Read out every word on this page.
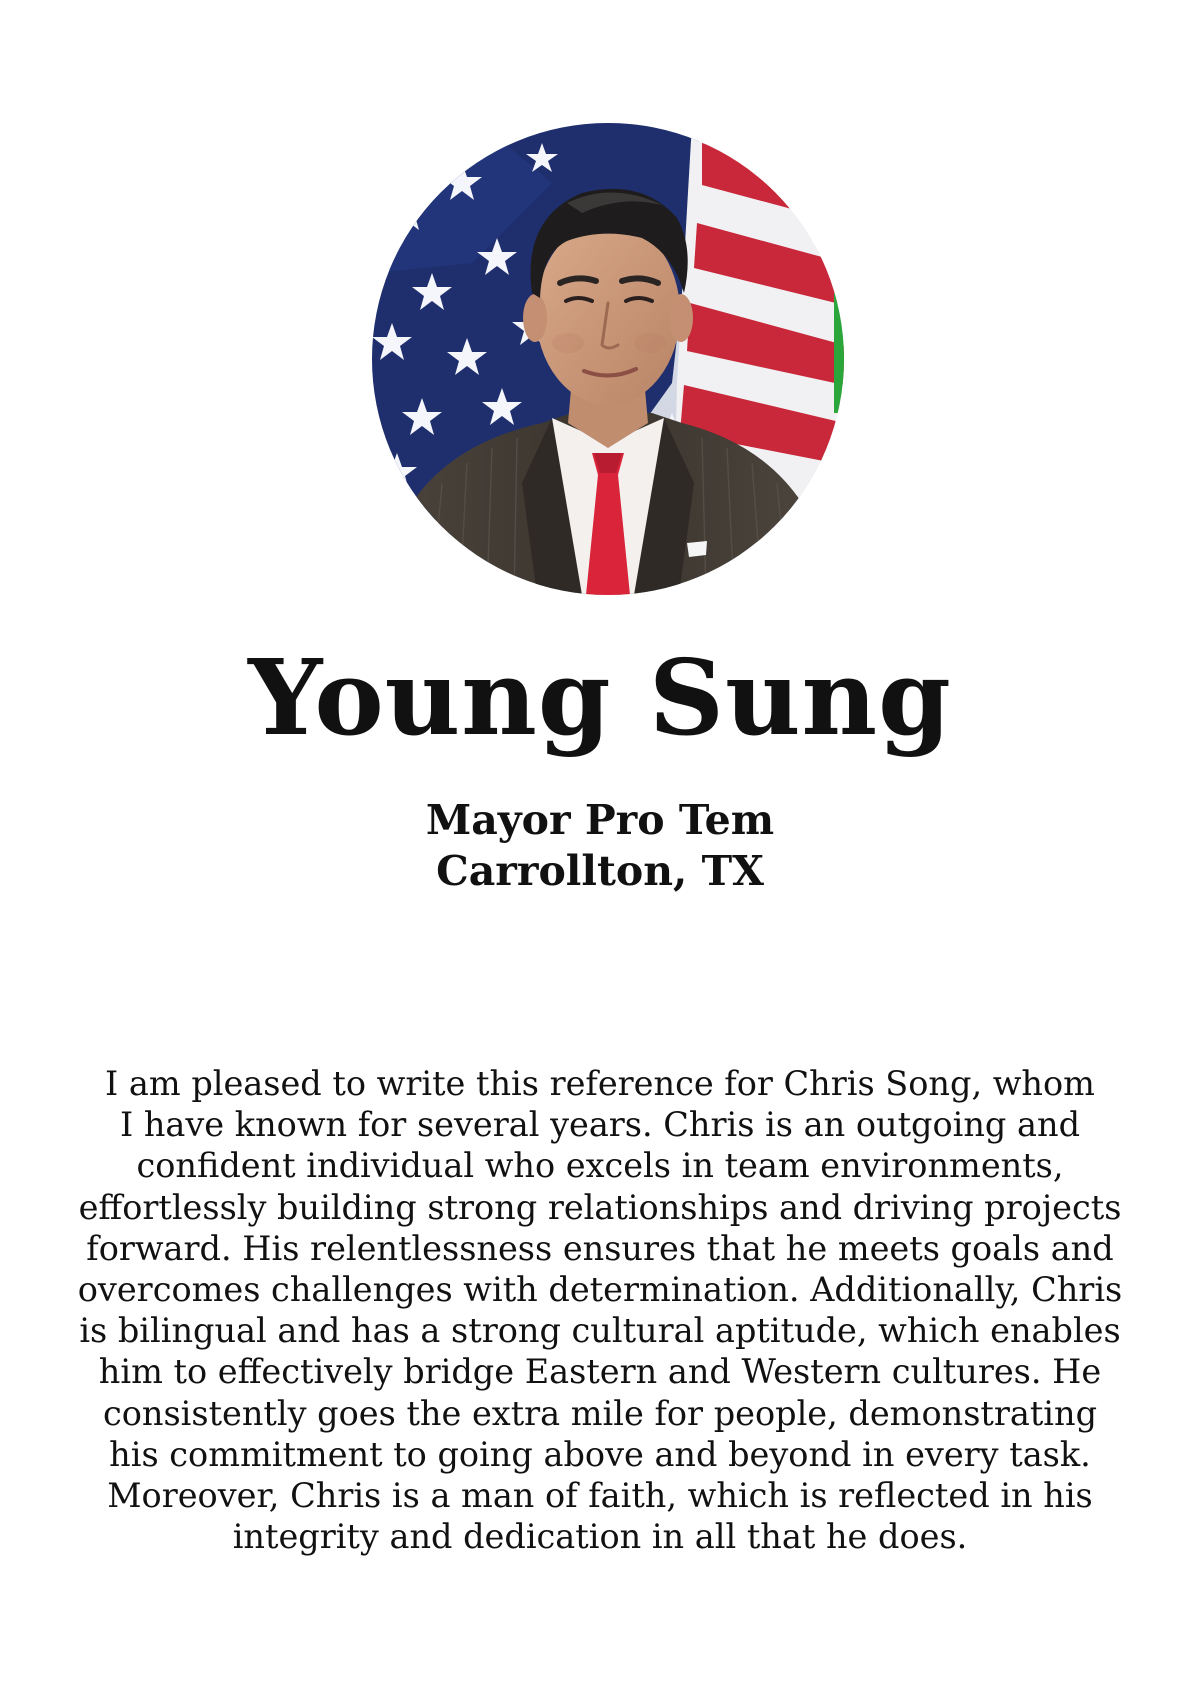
Young Sung

Mayor Pro Tem

Carrollton, TX

I am pleased to write this reference for Chris Song, whom
I have known for several years. Chris is an outgoing and
confident individual who excels in team environments,
effortlessly building strong relationships and driving projects
forward. His relentlessness ensures that he meets goals and
overcomes challenges with determination. Additionally, Chris
is bilingual and has a strong cultural aptitude, which enables
him to effectively bridge Eastern and Western cultures. He
consistently goes the extra mile for people, demonstrating
his commitment to going above and beyond in every task.
Moreover, Chris is a man of faith, which is reflected in his
integrity and dedication in all that he does.
